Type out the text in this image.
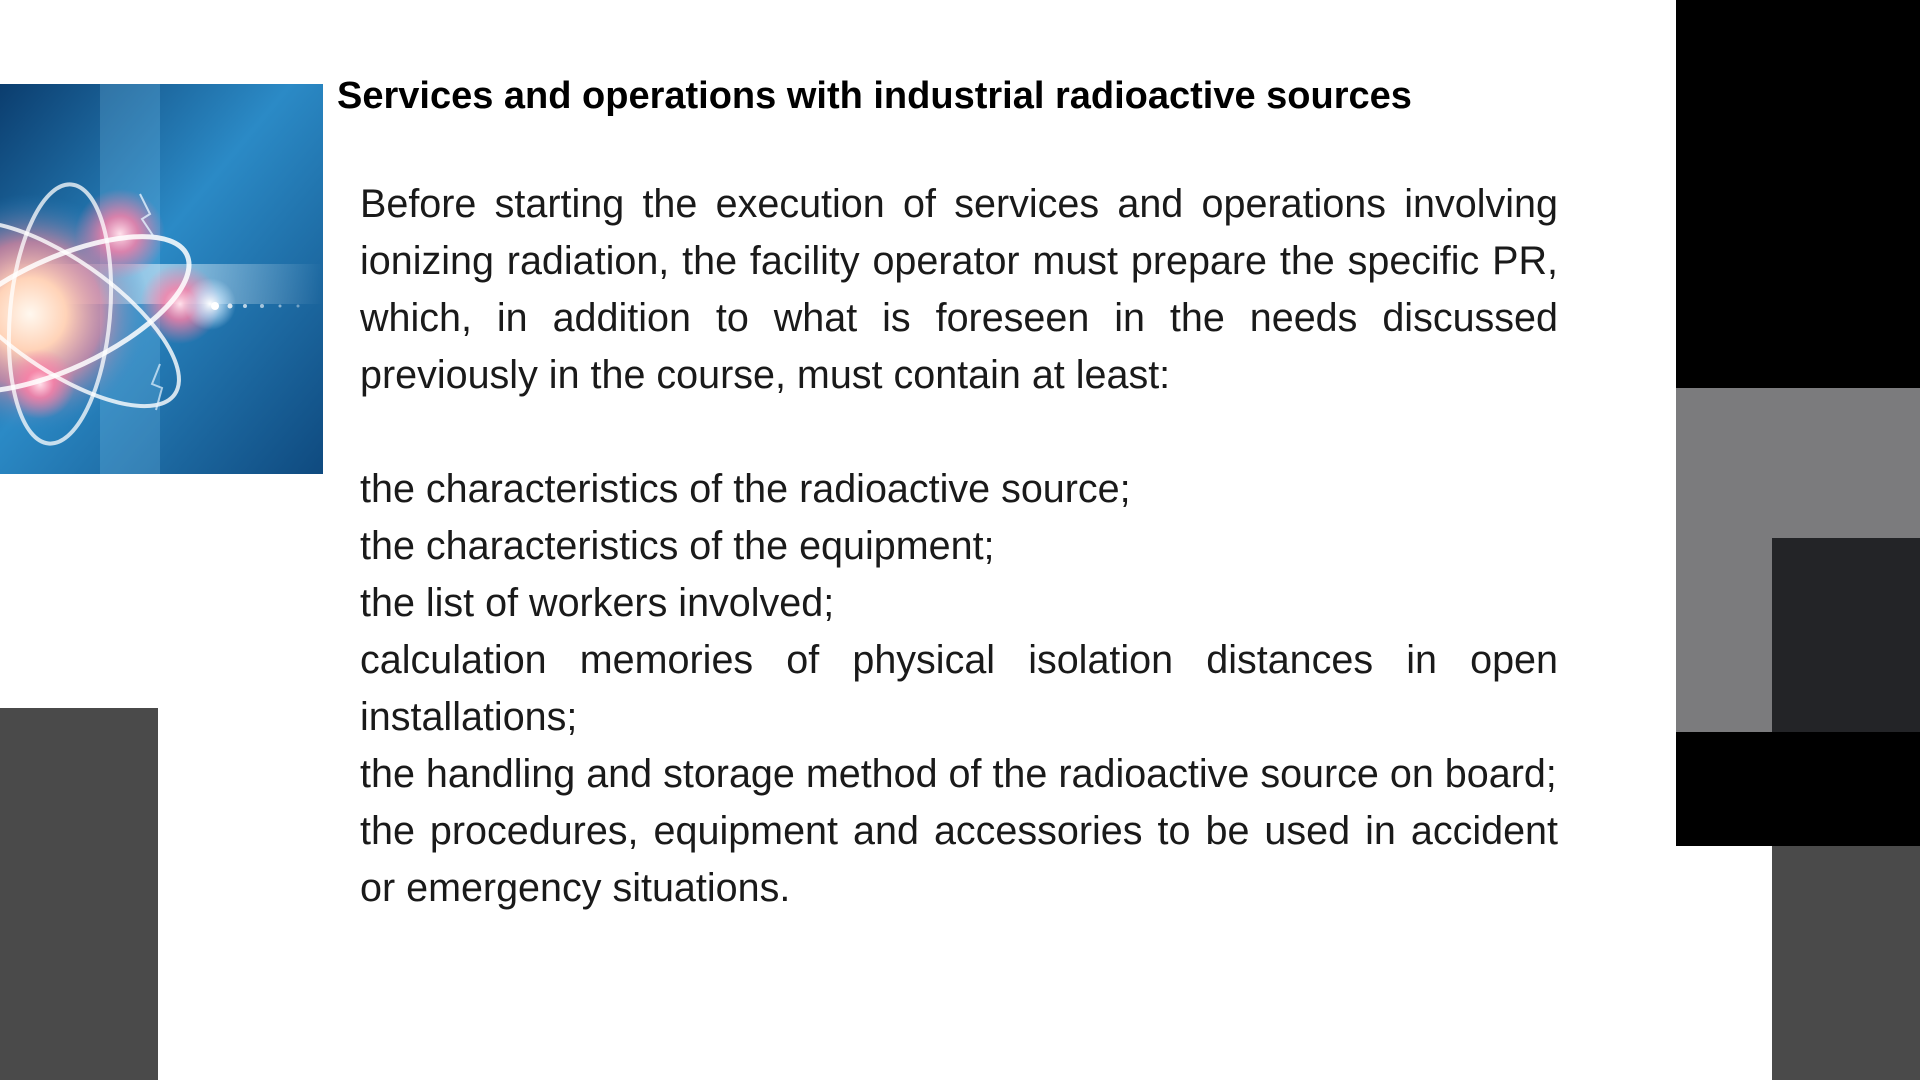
Services and operations with industrial radioactive sources

Before starting the execution of services and operations involving ionizing radiation, the facility operator must prepare the specific PR, which, in addition to what is foreseen in the needs discussed previously in the course, must contain at least:

the characteristics of the radioactive source;
the characteristics of the equipment;
the list of workers involved;
calculation memories of physical isolation distances in open installations;
the handling and storage method of the radioactive source on board;
the procedures, equipment and accessories to be used in accident or emergency situations.
